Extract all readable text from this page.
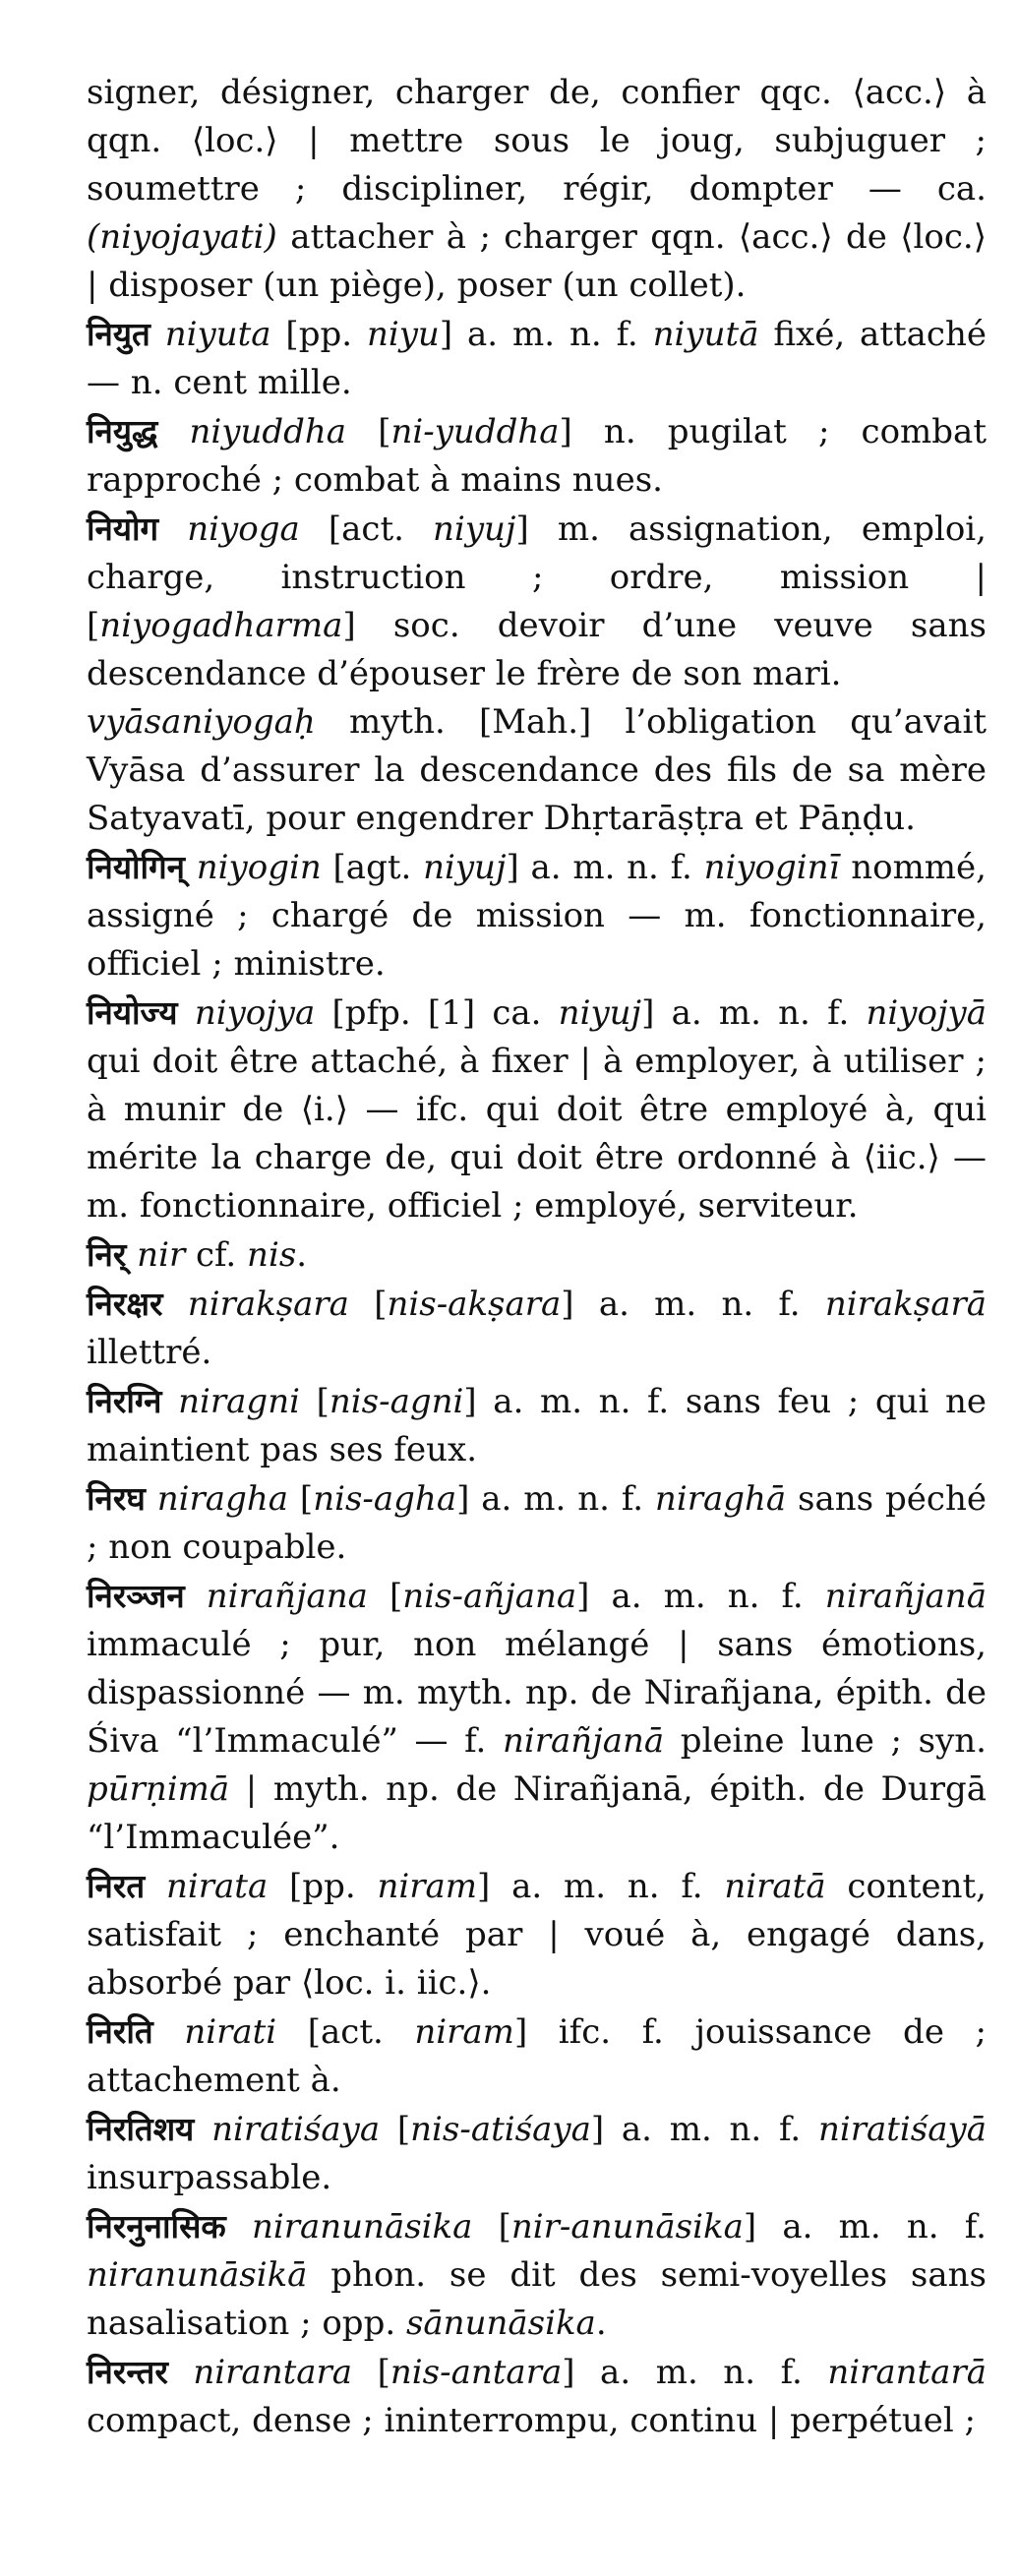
signer, désigner, charger de, confier qqc. ⟨acc.⟩ à qqn. ⟨loc.⟩ | mettre sous le joug, subjuguer ; soumettre ; discipliner, régir, dompter — ca. (niyojayati) attacher à ; charger qqn. ⟨acc.⟩ de ⟨loc.⟩ | disposer (un piège), poser (un collet).

नियुत niyuta [pp. niyu] a. m. n. f. niyutā fixé, attaché — n. cent mille.

नियुद्ध niyuddha [ni-yuddha] n. pugilat ; combat rapproché ; combat à mains nues.

नियोग niyoga [act. niyuj] m. assignation, emploi, charge, instruction ; ordre, mission | [niyogadharma] soc. devoir d’une veuve sans descendance d’épouser le frère de son mari.

vyāsaniyogaḥ myth. [Mah.] l’obligation qu’avait Vyāsa d’assurer la descendance des fils de sa mère Satyavatī, pour engendrer Dhṛtarāṣṭra et Pāṇḍu.

नियोगिन् niyogin [agt. niyuj] a. m. n. f. niyoginī nommé, assigné ; chargé de mission — m. fonctionnaire, officiel ; ministre.

नियोज्य niyojya [pfp. [1] ca. niyuj] a. m. n. f. niyojyā qui doit être attaché, à fixer | à employer, à utiliser ; à munir de ⟨i.⟩ — ifc. qui doit être employé à, qui mérite la charge de, qui doit être ordonné à ⟨iic.⟩ — m. fonctionnaire, officiel ; employé, serviteur.

निर् nir cf. nis.

निरक्षर nirakṣara [nis-akṣara] a. m. n. f. nirakṣarā illettré.

निरग्नि niragni [nis-agni] a. m. n. f. sans feu ; qui ne maintient pas ses feux.

निरघ niragha [nis-agha] a. m. n. f. niraghā sans péché ; non coupable.

निरञ्जन nirañjana [nis-añjana] a. m. n. f. nirañjanā immaculé ; pur, non mélangé | sans émotions, dispassionné — m. myth. np. de Nirañjana, épith. de Śiva “l’Immaculé” — f. nirañjanā pleine lune ; syn. pūrṇimā | myth. np. de Nirañjanā, épith. de Durgā “l’Immaculée”.

निरत nirata [pp. niram] a. m. n. f. niratā content, satisfait ; enchanté par | voué à, engagé dans, absorbé par ⟨loc. i. iic.⟩.

निरति nirati [act. niram] ifc. f. jouissance de ; attachement à.

निरतिशय niratiśaya [nis-atiśaya] a. m. n. f. niratiśayā insurpassable.

निरनुनासिक niranunāsika [nir-anunāsika] a. m. n. f. niranunāsikā phon. se dit des semi-voyelles sans nasalisation ; opp. sānunāsika.

निरन्तर nirantara [nis-antara] a. m. n. f. nirantarā compact, dense ; ininterrompu, continu | perpétuel ;
